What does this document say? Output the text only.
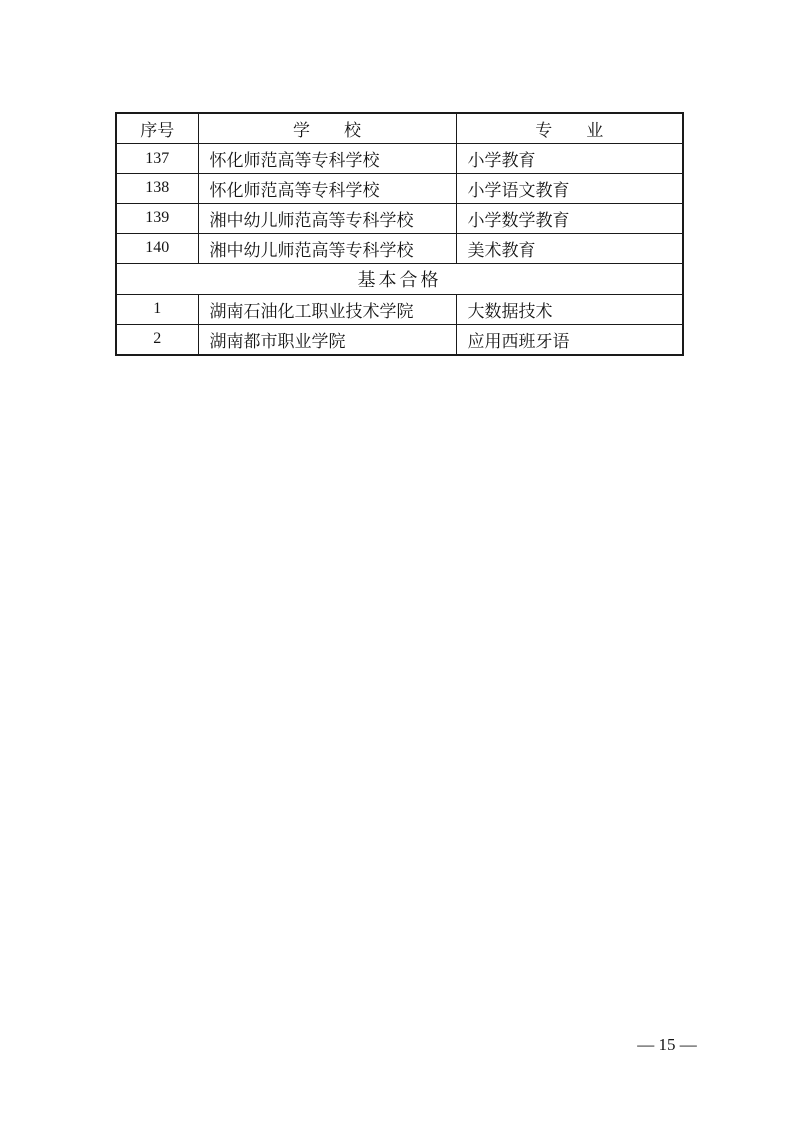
序号	学　　校	专　　业
137	怀化师范高等专科学校	小学教育
138	怀化师范高等专科学校	小学语文教育
139	湘中幼儿师范高等专科学校	小学数学教育
140	湘中幼儿师范高等专科学校	美术教育
基本合格		
1	湖南石油化工职业技术学院	大数据技术
2	湖南都市职业学院	应用西班牙语
— 15 —
